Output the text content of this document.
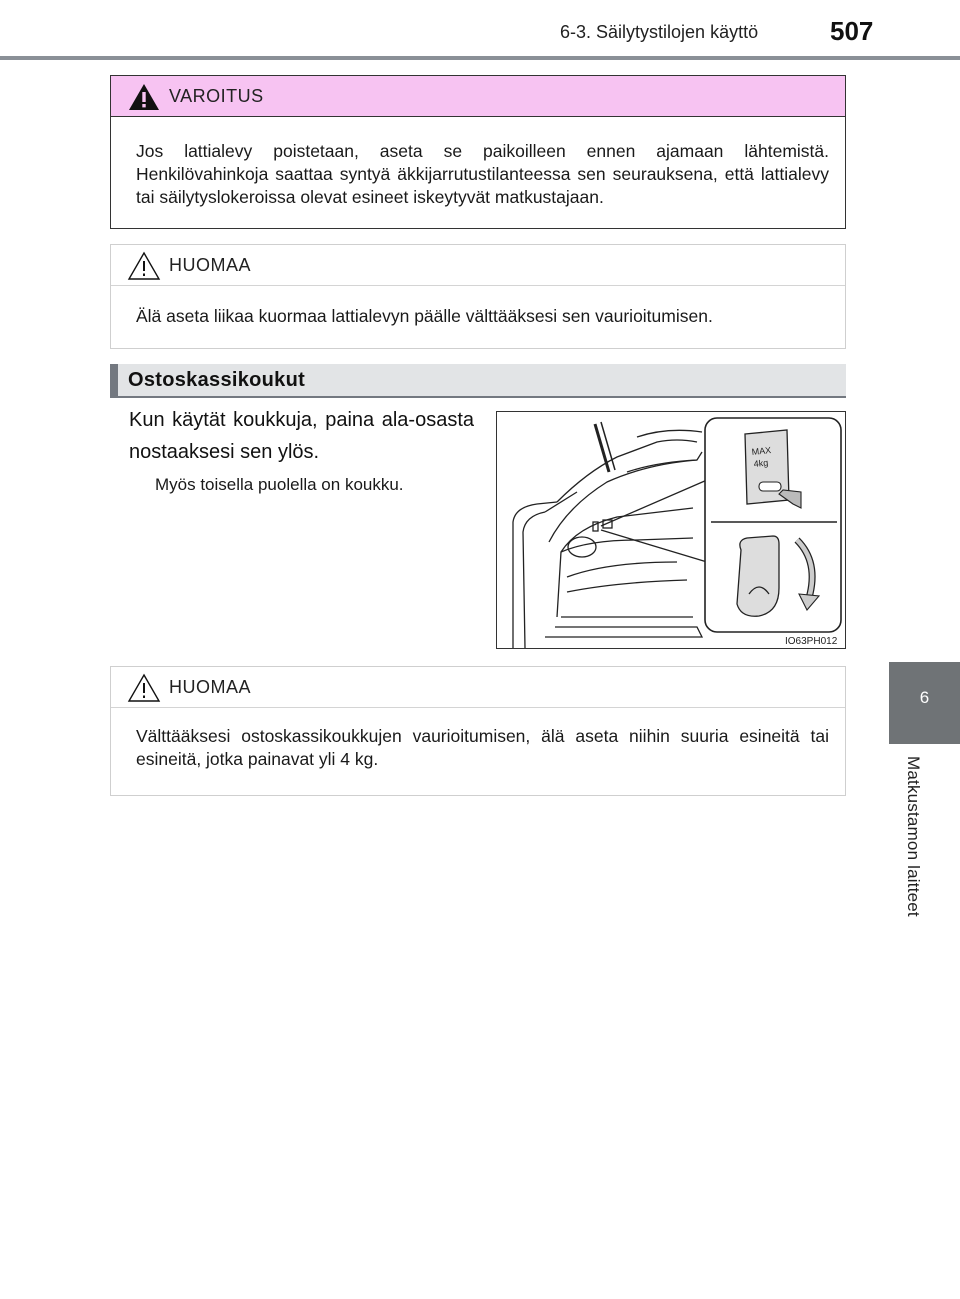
6-3. Säilytystilojen käyttö	507
6
Matkustamon laitteet
VAROITUS
Jos lattialevy poistetaan, aseta se paikoilleen ennen ajamaan lähtemistä. Henkilövahinkoja saattaa syntyä äkkijarrutustilanteessa sen seurauksena, että lattialevy tai säilytyslokeroissa olevat esineet iskeytyvät matkustajaan.
HUOMAA
Älä aseta liikaa kuormaa lattialevyn päälle välttääksesi sen vaurioitumisen.
Ostoskassikoukut
Kun käytät koukkuja, paina ala-osasta nostaaksesi sen ylös.
Myös toisella puolella on koukku.
MAX
4kg
IO63PH012
HUOMAA
Välttääksesi ostoskassikoukkujen vaurioitumisen, älä aseta niihin suuria esineitä tai esineitä, jotka painavat yli 4 kg.
